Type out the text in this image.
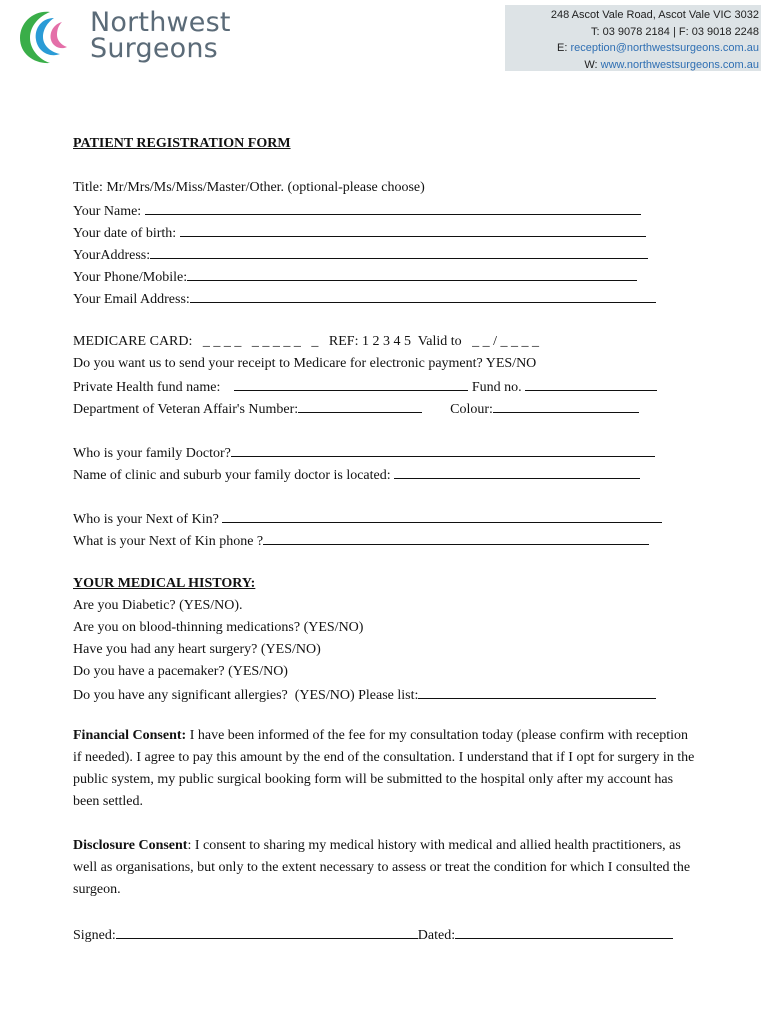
Northwest
Surgeons
248 Ascot Vale Road, Ascot Vale VIC 3032
T: 03 9078 2184 | F: 03 9018 2248
E: reception@northwestsurgeons.com.au
W: www.northwestsurgeons.com.au
PATIENT REGISTRATION FORM
Title: Mr/Mrs/Ms/Miss/Master/Other. (optional-please choose)
Your Name:
Your date of birth:
YourAddress:
Your Phone/Mobile:
Your Email Address:
MEDICARE CARD: _ _ _ _   _ _ _ _ _   _ REF: 1 2 3 4 5  Valid to _ _ / _ _ _ _
Do you want us to send your receipt to Medicare for electronic payment? YES/NO
Private Health fund name:	Fund no.
Department of Veteran Affair's Number:	Colour:
Who is your family Doctor?
Name of clinic and suburb your family doctor is located:
Who is your Next of Kin?
What is your Next of Kin phone ?
YOUR MEDICAL HISTORY:
Are you Diabetic? (YES/NO).
Are you on blood-thinning medications? (YES/NO)
Have you had any heart surgery? (YES/NO)
Do you have a pacemaker? (YES/NO)
Do you have any significant allergies?  (YES/NO) Please list:
Financial Consent: I have been informed of the fee for my consultation today (please confirm with reception if needed). I agree to pay this amount by the end of the consultation. I understand that if I opt for surgery in the public system, my public surgical booking form will be submitted to the hospital only after my account has been settled.
Disclosure Consent: I consent to sharing my medical history with medical and allied health practitioners, as well as organisations, but only to the extent necessary to assess or treat the condition for which I consulted the surgeon.
Signed:	Dated:
